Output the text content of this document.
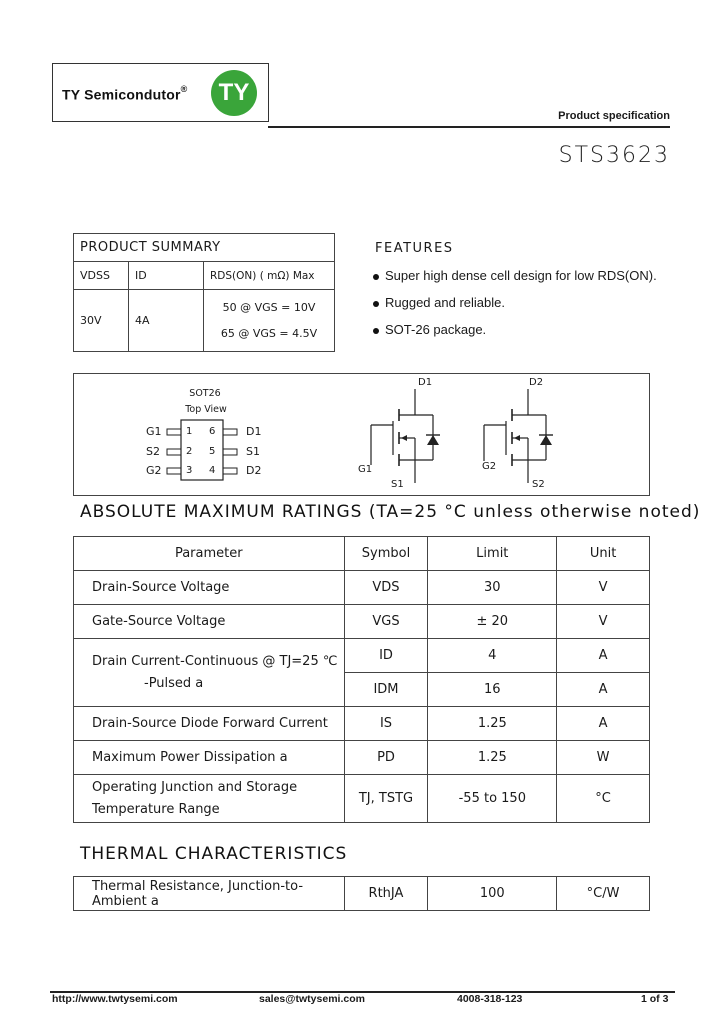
TY Semicondutor®	TY
Product specification
STS3623
PRODUCT SUMMARY		
VDSS	ID	RDS(ON) ( mΩ) Max
30V	4A	50 @ VGS = 10V
65 @ VGS = 4.5V
FEATURES
Super high dense cell design for low RDS(ON).
Rugged and reliable.
SOT-26 package.
SOT26
Top View
G1
S2
G2
1
2
3
6
5
4
D1
S1
D2
D1
G1
S1
D2
G2
S2
ABSOLUTE MAXIMUM RATINGS (TA=25 °C unless otherwise noted)
Parameter	Symbol	Limit	Unit
Drain-Source Voltage	VDS	30	V
Gate-Source Voltage	VGS	± 20	V

Drain Current-Continuous @ TJ=25 ℃
-Pulsed a	ID	4	A
	IDM	16	A
Drain-Source Diode Forward Current	IS	1.25	A
Maximum Power Dissipation a	PD	1.25	W

Operating Junction and Storage
Temperature Range	TJ, TSTG	-55 to 150	°C
THERMAL CHARACTERISTICS
Thermal Resistance, Junction-to-Ambient a	RthJA	100	°C/W
http://www.twtysemi.com	sales@twtysemi.com	4008-318-123	1 of 3
